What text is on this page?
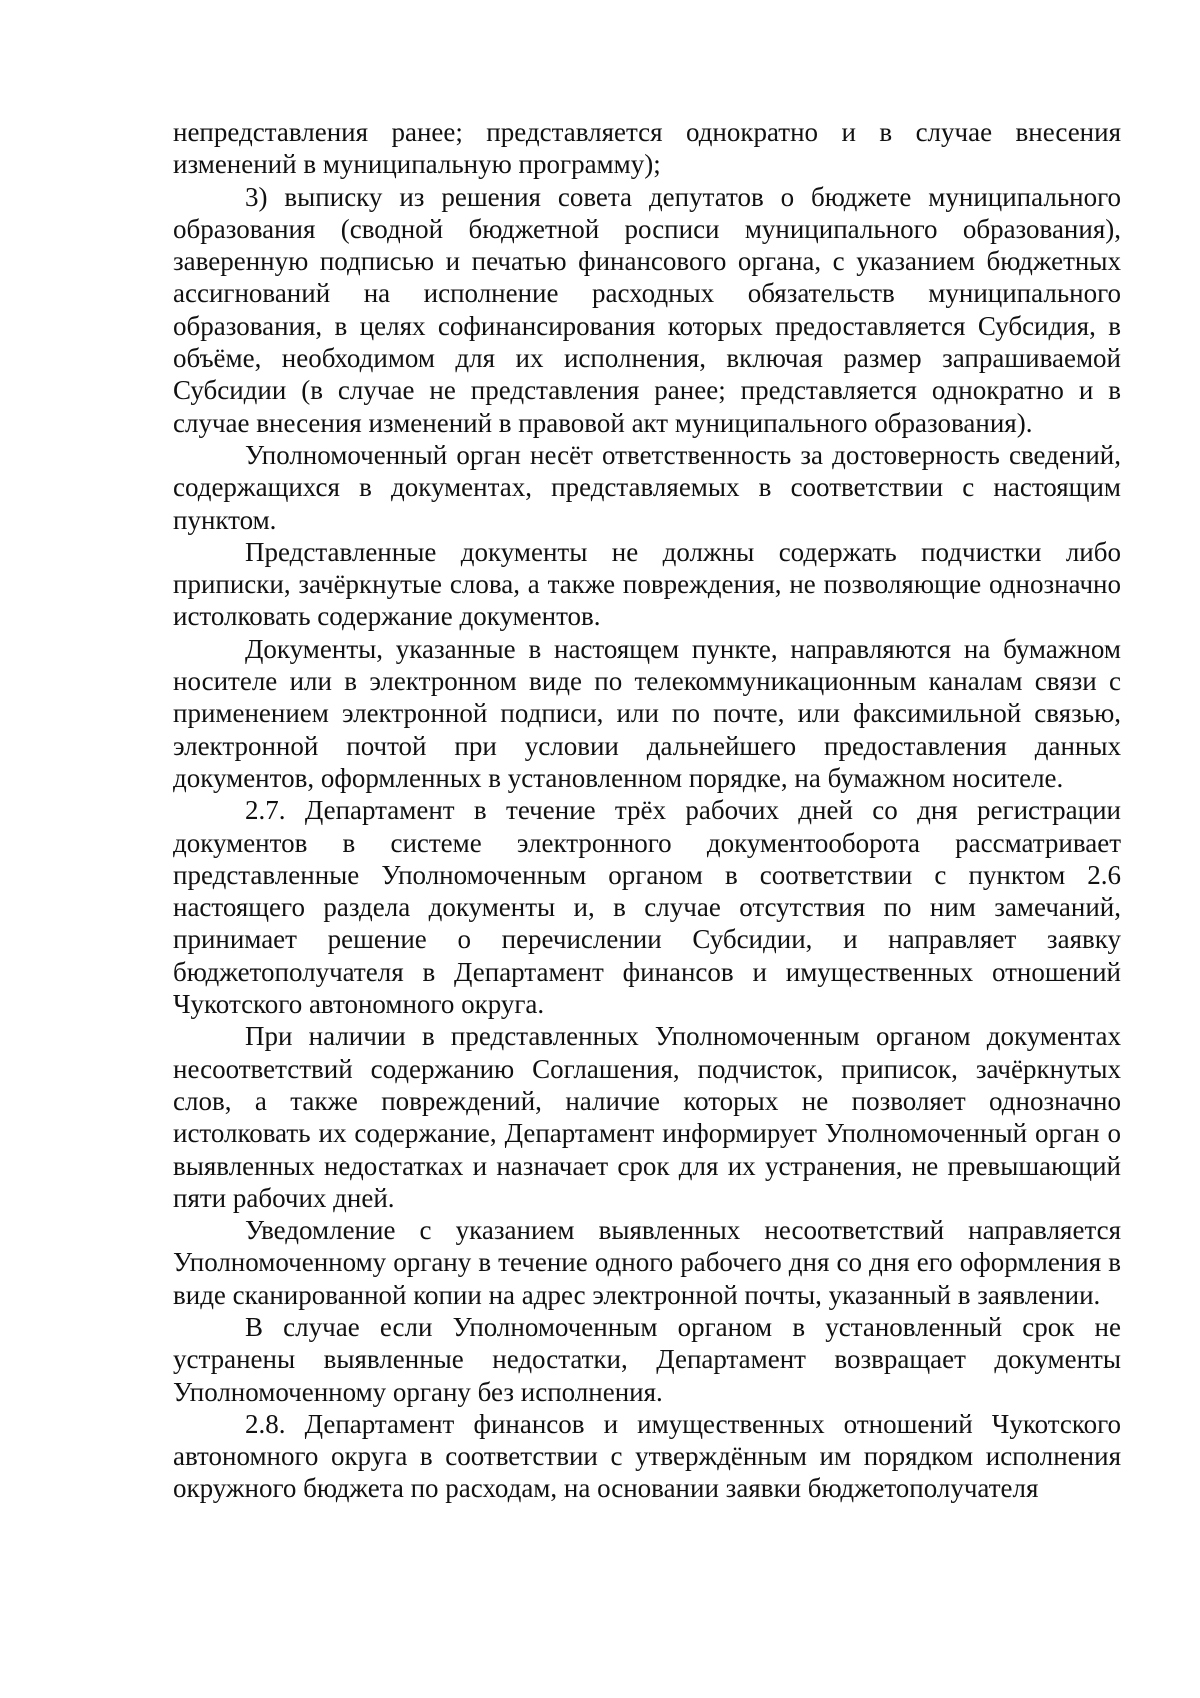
непредставления ранее; представляется однократно и в случае внесения изменений в муниципальную программу);

3) выписку из решения совета депутатов о бюджете муниципального образования (сводной бюджетной росписи муниципального образования), заверенную подписью и печатью финансового органа, с указанием бюджетных ассигнований на исполнение расходных обязательств муниципального образования, в целях софинансирования которых предоставляется Субсидия, в объёме, необходимом для их исполнения, включая размер запрашиваемой Субсидии (в случае не представления ранее; представляется однократно и в случае внесения изменений в правовой акт муниципального образования).

Уполномоченный орган несёт ответственность за достоверность сведений, содержащихся в документах, представляемых в соответствии с настоящим пунктом.

Представленные документы не должны содержать подчистки либо приписки, зачёркнутые слова, а также повреждения, не позволяющие однозначно истолковать содержание документов.

Документы, указанные в настоящем пункте, направляются на бумажном носителе или в электронном виде по телекоммуникационным каналам связи с применением электронной подписи, или по почте, или факсимильной связью, электронной почтой при условии дальнейшего предоставления данных документов, оформленных в установленном порядке, на бумажном носителе.

2.7. Департамент в течение трёх рабочих дней со дня регистрации документов в системе электронного документооборота рассматривает представленные Уполномоченным органом в соответствии с пунктом 2.6 настоящего раздела документы и, в случае отсутствия по ним замечаний, принимает решение о перечислении Субсидии, и направляет заявку бюджетополучателя в Департамент финансов и имущественных отношений Чукотского автономного округа.

При наличии в представленных Уполномоченным органом документах несоответствий содержанию Соглашения, подчисток, приписок, зачёркнутых слов, а также повреждений, наличие которых не позволяет однозначно истолковать их содержание, Департамент информирует Уполномоченный орган о выявленных недостатках и назначает срок для их устранения, не превышающий пяти рабочих дней.

Уведомление с указанием выявленных несоответствий направляется Уполномоченному органу в течение одного рабочего дня со дня его оформления в виде сканированной копии на адрес электронной почты, указанный в заявлении.

В случае если Уполномоченным органом в установленный срок не устранены выявленные недостатки, Департамент возвращает документы Уполномоченному органу без исполнения.

2.8. Департамент финансов и имущественных отношений Чукотского автономного округа в соответствии с утверждённым им порядком исполнения окружного бюджета по расходам, на основании заявки бюджетополучателя
